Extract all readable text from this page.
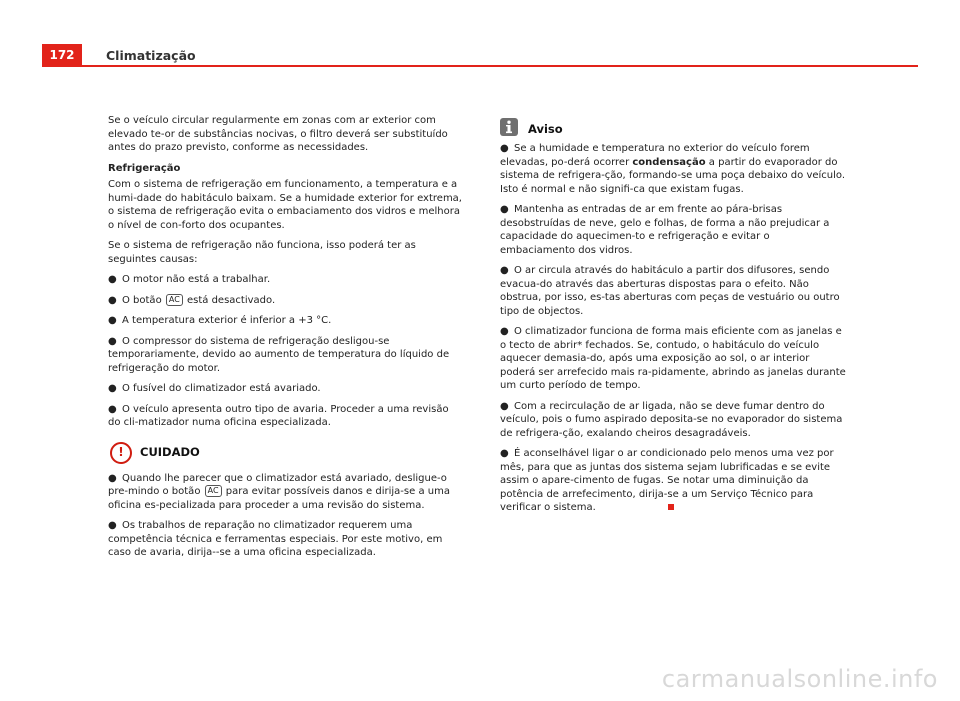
172	Climatização

Se o veículo circular regularmente em zonas com ar exterior com elevado te-or de substâncias nocivas, o filtro deverá ser substituído antes do prazo previsto, conforme as necessidades.

Refrigeração

Com o sistema de refrigeração em funcionamento, a temperatura e a humi-dade do habitáculo baixam. Se a humidade exterior for extrema, o sistema de refrigeração evita o embaciamento dos vidros e melhora o nível de con-forto dos ocupantes.

Se o sistema de refrigeração não funciona, isso poderá ter as seguintes causas:

● O motor não está a trabalhar.

● O botão AC está desactivado.

● A temperatura exterior é inferior a +3 °C.

● O compressor do sistema de refrigeração desligou-se temporariamente, devido ao aumento de temperatura do líquido de refrigeração do motor.

● O fusível do climatizador está avariado.

● O veículo apresenta outro tipo de avaria. Proceder a uma revisão do cli-matizador numa oficina especializada.

!	CUIDADO

● Quando lhe parecer que o climatizador está avariado, desligue-o pre-mindo o botão AC para evitar possíveis danos e dirija-se a uma oficina es-pecializada para proceder a uma revisão do sistema.

● Os trabalhos de reparação no climatizador requerem uma competência técnica e ferramentas especiais. Por este motivo, em caso de avaria, dirija--se a uma oficina especializada.

Aviso

● Se a humidade e temperatura no exterior do veículo forem elevadas, po-derá ocorrer condensação a partir do evaporador do sistema de refrigera-ção, formando-se uma poça debaixo do veículo. Isto é normal e não signifi-ca que existam fugas.

● Mantenha as entradas de ar em frente ao pára-brisas desobstruídas de neve, gelo e folhas, de forma a não prejudicar a capacidade do aquecimen-to e refrigeração e evitar o embaciamento dos vidros.

● O ar circula através do habitáculo a partir dos difusores, sendo evacua-do através das aberturas dispostas para o efeito. Não obstrua, por isso, es-tas aberturas com peças de vestuário ou outro tipo de objectos.

● O climatizador funciona de forma mais eficiente com as janelas e o tecto de abrir* fechados. Se, contudo, o habitáculo do veículo aquecer demasia-do, após uma exposição ao sol, o ar interior poderá ser arrefecido mais ra-pidamente, abrindo as janelas durante um curto período de tempo.

● Com a recirculação de ar ligada, não se deve fumar dentro do veículo, pois o fumo aspirado deposita-se no evaporador do sistema de refrigera-ção, exalando cheiros desagradáveis.

● É aconselhável ligar o ar condicionado pelo menos uma vez por mês, para que as juntas dos sistema sejam lubrificadas e se evite assim o apare-cimento de fugas. Se notar uma diminuição da potência de arrefecimento, dirija-se a um Serviço Técnico para verificar o sistema.

carmanualsonline.info
